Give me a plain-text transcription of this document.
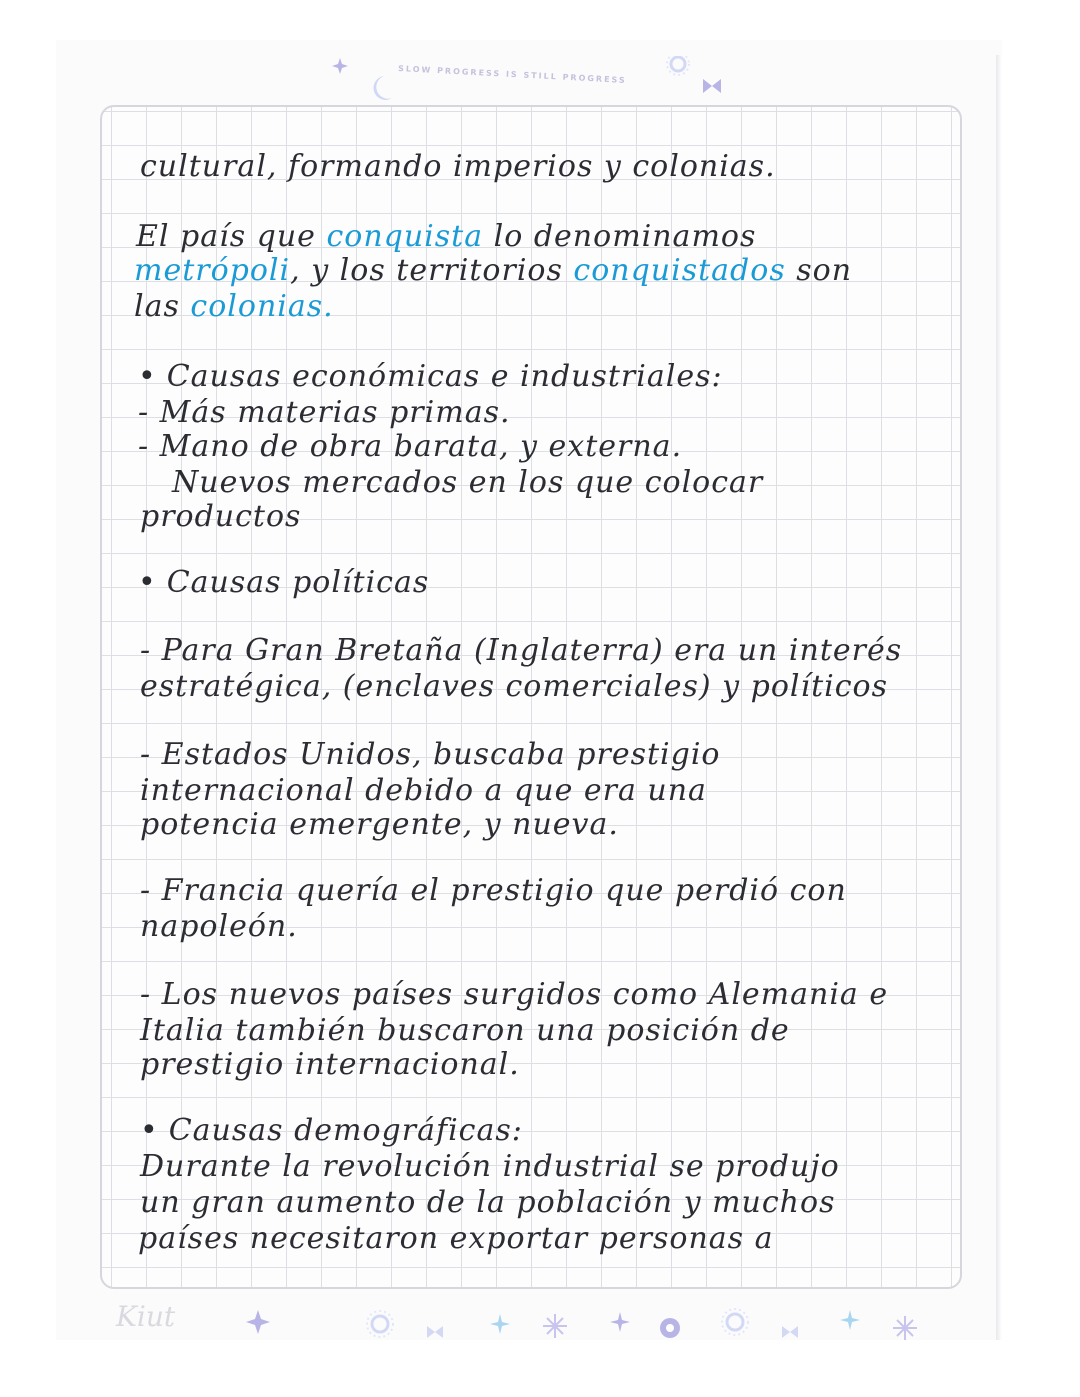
SLOW PROGRESS IS STILL PROGRESS
cultural, formando imperios y colonias.
El país que conquista lo denominamos
metrópoli, y los territorios conquistados son
las colonias.
• Causas económicas e industriales:
- Más materias primas.
- Mano de obra barata, y externa.
Nuevos mercados en los que colocar
productos
• Causas políticas
- Para Gran Bretaña (Inglaterra) era un interés
estratégica, (enclaves comerciales) y políticos
- Estados Unidos, buscaba prestigio
internacional debido a que era una
potencia emergente, y nueva.
- Francia quería el prestigio que perdió con
napoleón.
- Los nuevos países surgidos como Alemania e
Italia también buscaron una posición de
prestigio internacional.
• Causas demográficas:
Durante la revolución industrial se produjo
un gran aumento de la población y muchos
países necesitaron exportar personas a
Kiut
